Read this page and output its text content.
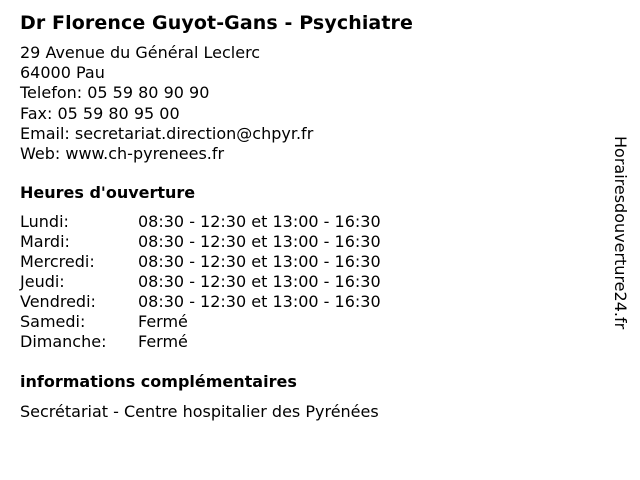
Dr Florence Guyot-Gans - Psychiatre
29 Avenue du Général Leclerc
64000 Pau
Telefon: 05 59 80 90 90
Fax: 05 59 80 95 00
Email: secretariat.direction@chpyr.fr
Web: www.ch-pyrenees.fr
Heures d'ouverture
Lundi:	08:30 - 12:30 et 13:00 - 16:30
Mardi:	08:30 - 12:30 et 13:00 - 16:30
Mercredi:	08:30 - 12:30 et 13:00 - 16:30
Jeudi:	08:30 - 12:30 et 13:00 - 16:30
Vendredi:	08:30 - 12:30 et 13:00 - 16:30
Samedi:	Fermé
Dimanche:	Fermé
informations complémentaires
Secrétariat - Centre hospitalier des Pyrénées
Horairesdouverture24.fr
